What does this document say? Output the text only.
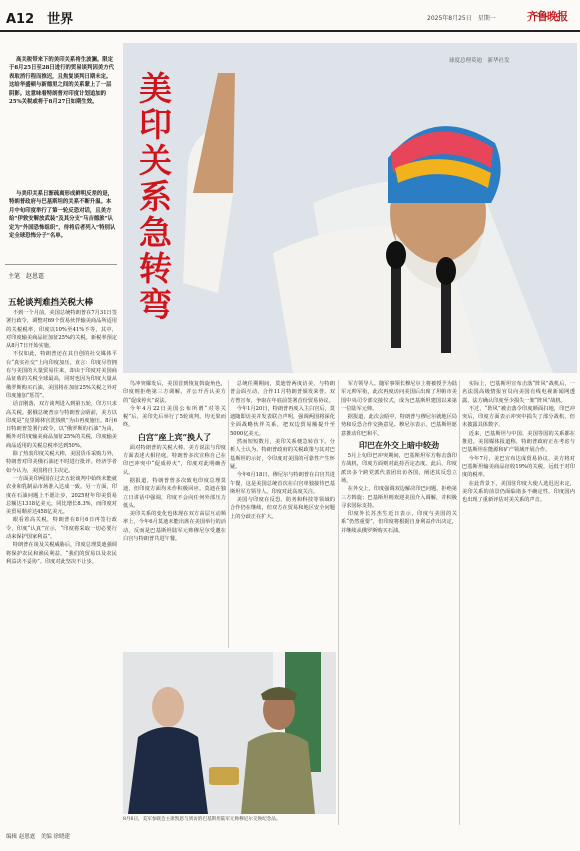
A12　 世界	2025年8月25日　星期一	齐鲁晚报

高关税带来下的美印关系将生波澜。限定于8月25日至28日进行的贸易谈判因美方代表取消行程而推迟，且焦复谈判日期未定。这给华盛顿与新德里之间的关系蒙上了一层阴影。这意味着特朗普对印度计划追加的25%关税或将于8月27日如期生效。

与美印关系日渐疏离形成鲜明反差的是，特朗普政府与巴基斯坦的关系不断升温。本月中旬印度举行了第一轮反恐对话，且美方给“伊敦安解放武装”及其分支“马吉德旅”认定为“外国恐怖组织”，待将后者列入“特别认定全球恐怖分子”名单。

主笔　赵恩霆
美印关系急转弯
球度总理莫迪　新华社发
五轮谈判难挡关税大棒

不到一个月前，美国总统特朗普在7月31日签署行政令，调整对69个贸易伙伴输美商品所适用的关税税率，印度以10%至41%不等，其中，对印度输美商品征加征25%的关税。新税率预定从8月7日开始实施。

不仅如此，特朗普还在其自创的社交媒体平台“真实社交”上向印度加压，直言：印度尽管拥有与美国的大量贸易往来，却由于印度对美国商品征收的关税全球最高，同时也因为印度大量从俄罗斯购买石油，美国将在加征25%关税之外对印度施加“惩罚”。

话音刚落，双方谈判进入到第五轮，印方只求高关税。据俄总统普京与特朗普会晤前，美方以印度是“克里姆林宫洗钱机”为由再度施压。8月6日特朗普签署行政令，以“俄罗斯的石油”为由，额外对印度输美商品加征25%的关税，印度输美商品适用的关税总税率达到50%。

除了热衷印度关税大棒，美国货币采购力外，特朗普对印美俄石油还不时进行批评。经济学者如今认为，美国将自主决定。

一方面美印两国在过去五轮谈判中始终未能就农业和乳制品市场准入达成一致。另一方面，印度在石油问题上不愿让步，2025财年印美贸易总额达1318亿美元，同比增长8.3%，而印度对美贸易顺差达458亿美元。

眼看着高关税，特朗普在8月6日再签行政令，印度“认真”宣示，“印度将采取一切必要行动来保护国家利益”。

特朗普在谈及关税威胁后，印度总理莫迪强调将保护农民和渔民利益，“我们的贸易以及农民利益决不妥协”。印度对此坚决不让步。

鸟冲突爆发后，美国首到恢复斡旋角色，印度则拒绝第三方调解，并公开否认美方的“促成停火”说法。

今年4月22日美国公布所谓“对等关税”后，美印先后举行了5轮谈判，均无果而终。

白宫“座上宾”换人了

面对特朗普的关税大棒，美方说法与印度方面表述大相径庭。特朗普多次宣称自己在印巴冲突中“促成停火”，印度对此明确否认。

据报道，特朗普曾多次致电印度总理莫迪，但印度方面均未作积极回应。莫迪在独立日讲话中强调，印度不会向任何外部压力低头。

美印关系的变化也体现在双方高层互动频率上，今年6月莫迪未能出席在美国举行的活动，反而是巴基斯坦陆军元帅穆尼尔受邀在白宫与特朗普共进午餐。

总统任期期间，莫迪曾两度访美，与特朗普会面互动，合作11月特朗普颁发荣誉。双方曾宣布，争取在年底前签署首份贸易协议。

今年1月20日，特朗普再度入主白宫后，莫迪随即访美并发表联合声明，强调两国将深化全面战略伙伴关系，把双边贸易额提升至5000亿美元。

然而短短数月，美印关系便急转直下。分析人士认为，特朗普政府的关税政策与其对巴基斯坦的示好，令印度对美国的可靠性产生怀疑。

今年6月18日，穆尼尔与特朗普在白宫共进午餐，这是美国总统首次在白宫单独接待巴基斯坦军方领导人。印度对此高度关注。

美国与印度在反恐、防务和科技等领域的合作仍在继续，但双方在贸易和地区安全问题上的分歧正在扩大。

军方领导人。随军事领长穆尼尔上将被授予为陆军元帅军衔，此次再度访问美国后出席了坦帕市美国中央司令部交接仪式，成为巴基斯坦建国以来第一位陆军元帅。

据报道，此次会晤中，特朗普与穆尼尔就地区局势和反恐合作交换意见。穆尼尔表示，巴基斯坦愿意推动印巴和平。

印巴在外交上暗中较劲

5月上旬印巴冲突期间，巴基斯坦军方称击落印方战机，印度方面则对此持否定态度。此后，印度派出多个跨党派代表团出访各国，阐述其反恐立场。

在外交上，印度强调双边解决印巴问题，拒绝第三方斡旋；巴基斯坦则欢迎美国介入调解，并积极寻求国际支持。

印度外长苏杰生近日表示，印度与美国的关系“仍然重要”，但印度将根据自身利益作出决定，并继续从俄罗斯购买石油。

实际上，巴基斯坦宣布击落“阵风”战机后，一名法国高级情报官员向美国有线电视新闻网透露，法方确认印度至少损失一架“阵风”战机。

不过，“阵风”被击落令印度颜面扫地，印巴冲突后，印度方面表示冲突中损失了部分战机，但未披露具体数字。

近来，巴基斯坦与中国、美国等国的关系都在推进。美国媒体报道称，特朗普政府正在考虑与巴基斯坦在能源和矿产领域开展合作。

今年7月，美巴宣布达成贸易协议，美方将对巴基斯坦输美商品征收19%的关税，远低于对印度的税率。

在此背景下，美国驻印度大使人选迟迟未定，美印关系的前景仍面临诸多不确定性。印度国内也出现了重新评估对美关系的声音。

8月6日，美军参联会主席凯恩与到访的巴基斯坦陆军元帅穆尼尔交换纪念品。
编辑 赵恩霆　美编 徐晓建
